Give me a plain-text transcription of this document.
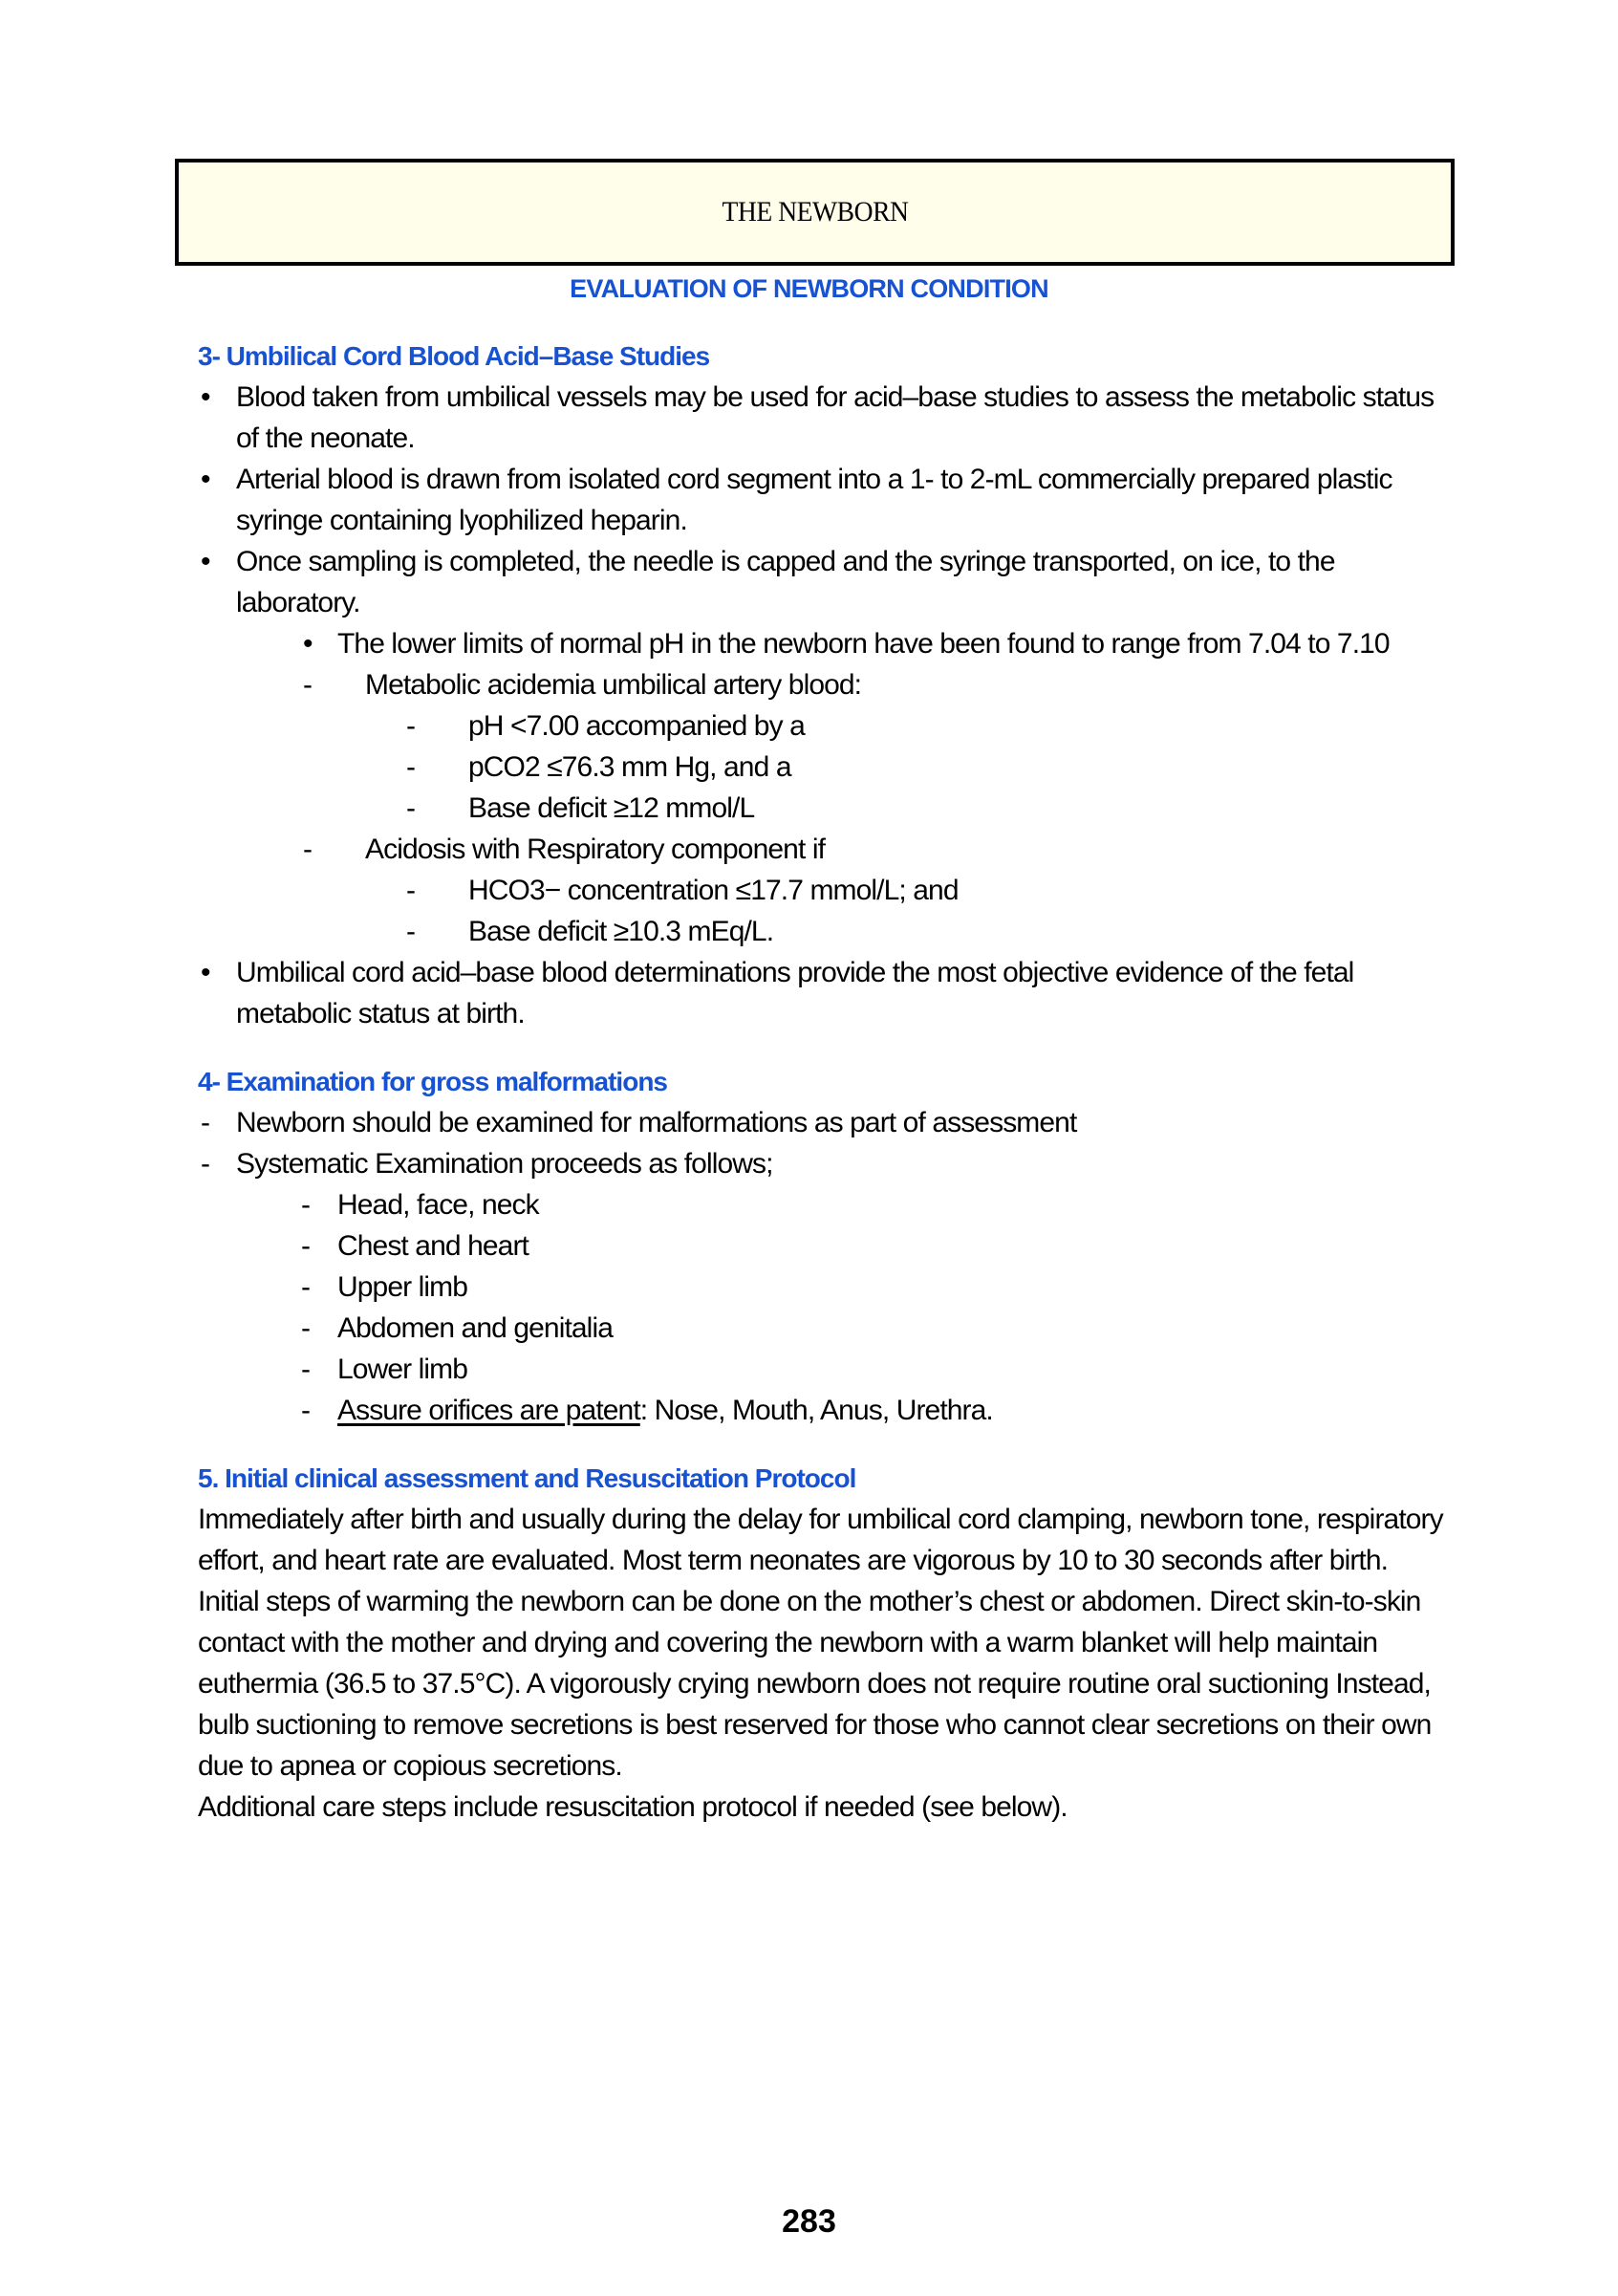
THE NEWBORN
EVALUATION OF NEWBORN CONDITION
3- Umbilical Cord Blood Acid–Base Studies
• Blood taken from umbilical vessels may be used for acid–base studies to assess the metabolic status of the neonate.
• Arterial blood is drawn from isolated cord segment into a 1- to 2-mL commercially prepared plastic syringe containing lyophilized heparin.
• Once sampling is completed, the needle is capped and the syringe transported, on ice, to the laboratory.
• The lower limits of normal pH in the newborn have been found to range from 7.04 to 7.10
- Metabolic acidemia umbilical artery blood:
- pH <7.00 accompanied by a
- pCO2 ≤76.3 mm Hg, and a
- Base deficit ≥12 mmol/L
- Acidosis with Respiratory component if
- HCO3− concentration ≤17.7 mmol/L; and
- Base deficit ≥10.3 mEq/L.
• Umbilical cord acid–base blood determinations provide the most objective evidence of the fetal metabolic status at birth.
4- Examination for gross malformations
- Newborn should be examined for malformations as part of assessment
- Systematic Examination proceeds as follows;
- Head, face, neck
- Chest and heart
- Upper limb
- Abdomen and genitalia
- Lower limb
- Assure orifices are patent: Nose, Mouth, Anus, Urethra.
5. Initial clinical assessment and Resuscitation Protocol
Immediately after birth and usually during the delay for umbilical cord clamping, newborn tone, respiratory effort, and heart rate are evaluated. Most term neonates are vigorous by 10 to 30 seconds after birth.
Initial steps of warming the newborn can be done on the mother’s chest or abdomen. Direct skin-to-skin contact with the mother and drying and covering the newborn with a warm blanket will help maintain euthermia (36.5 to 37.5°C). A vigorously crying newborn does not require routine oral suctioning Instead, bulb suctioning to remove secretions is best reserved for those who cannot clear secretions on their own due to apnea or copious secretions.
Additional care steps include resuscitation protocol if needed (see below).
283
